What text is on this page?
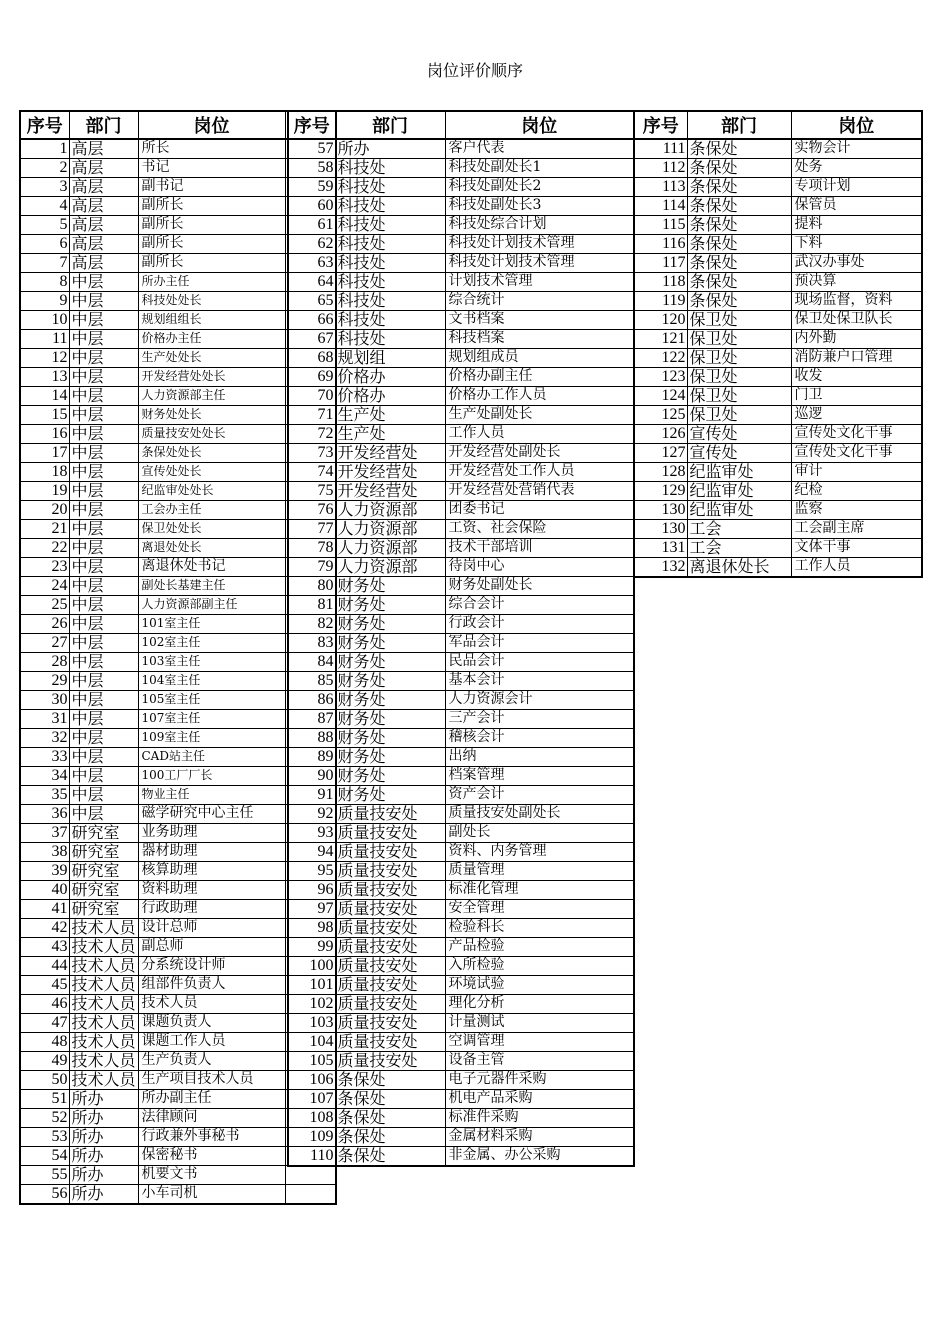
岗位评价顺序
序号	部门	岗位	
1	高层	所长	
2	高层	书记	
3	高层	副书记	
4	高层	副所长	
5	高层	副所长	
6	高层	副所长	
7	高层	副所长	
8	中层	所办主任	
9	中层	科技处处长	
10	中层	规划组组长	
11	中层	价格办主任	
12	中层	生产处处长	
13	中层	开发经营处处长	
14	中层	人力资源部主任	
15	中层	财务处处长	
16	中层	质量技安处处长	
17	中层	条保处处长	
18	中层	宣传处处长	
19	中层	纪监审处处长	
20	中层	工会办主任	
21	中层	保卫处处长	
22	中层	离退处处长	
23	中层	离退休处书记	
24	中层	副处长基建主任	
25	中层	人力资源部副主任	
26	中层	101室主任	
27	中层	102室主任	
28	中层	103室主任	
29	中层	104室主任	
30	中层	105室主任	
31	中层	107室主任	
32	中层	109室主任	
33	中层	CAD站主任	
34	中层	100工厂厂长	
35	中层	物业主任	
36	中层	磁学研究中心主任	
37	研究室	业务助理	
38	研究室	器材助理	
39	研究室	核算助理	
40	研究室	资料助理	
41	研究室	行政助理	
42	技术人员	设计总师	
43	技术人员	副总师	
44	技术人员	分系统设计师	
45	技术人员	组部件负责人	
46	技术人员	技术人员	
47	技术人员	课题负责人	
48	技术人员	课题工作人员	
49	技术人员	生产负责人	
50	技术人员	生产项目技术人员	
51	所办	所办副主任	
52	所办	法律顾问	
53	所办	行政兼外事秘书	
54	所办	保密秘书	
55	所办	机要文书	
56	所办	小车司机	
序号	部门	岗位
57	所办	客户代表
58	科技处	科技处副处长1
59	科技处	科技处副处长2
60	科技处	科技处副处长3
61	科技处	科技处综合计划
62	科技处	科技处计划技术管理
63	科技处	科技处计划技术管理
64	科技处	计划技术管理
65	科技处	综合统计
66	科技处	文书档案
67	科技处	科技档案
68	规划组	规划组成员
69	价格办	价格办副主任
70	价格办	价格办工作人员
71	生产处	生产处副处长
72	生产处	工作人员
73	开发经营处	开发经营处副处长
74	开发经营处	开发经营处工作人员
75	开发经营处	开发经营处营销代表
76	人力资源部	团委书记
77	人力资源部	工资、社会保险
78	人力资源部	技术干部培训
79	人力资源部	待岗中心
80	财务处	财务处副处长
81	财务处	综合会计
82	财务处	行政会计
83	财务处	军品会计
84	财务处	民品会计
85	财务处	基本会计
86	财务处	人力资源会计
87	财务处	三产会计
88	财务处	稽核会计
89	财务处	出纳
90	财务处	档案管理
91	财务处	资产会计
92	质量技安处	质量技安处副处长
93	质量技安处	副处长
94	质量技安处	资料、内务管理
95	质量技安处	质量管理
96	质量技安处	标准化管理
97	质量技安处	安全管理
98	质量技安处	检验科长
99	质量技安处	产品检验
100	质量技安处	入所检验
101	质量技安处	环境试验
102	质量技安处	理化分析
103	质量技安处	计量测试
104	质量技安处	空调管理
105	质量技安处	设备主管
106	条保处	电子元器件采购
107	条保处	机电产品采购
108	条保处	标准件采购
109	条保处	金属材料采购
110	条保处	非金属、办公采购
序号	部门	岗位
111	条保处	实物会计
112	条保处	处务
113	条保处	专项计划
114	条保处	保管员
115	条保处	提料
116	条保处	下料
117	条保处	武汉办事处
118	条保处	预决算
119	条保处	现场监督，资料
120	保卫处	保卫处保卫队长
121	保卫处	内外勤
122	保卫处	消防兼户口管理
123	保卫处	收发
124	保卫处	门卫
125	保卫处	巡逻
126	宣传处	宣传处文化干事
127	宣传处	宣传处文化干事
128	纪监审处	审计
129	纪监审处	纪检
130	纪监审处	监察
130	工会	工会副主席
131	工会	文体干事
132	离退休处长	工作人员
